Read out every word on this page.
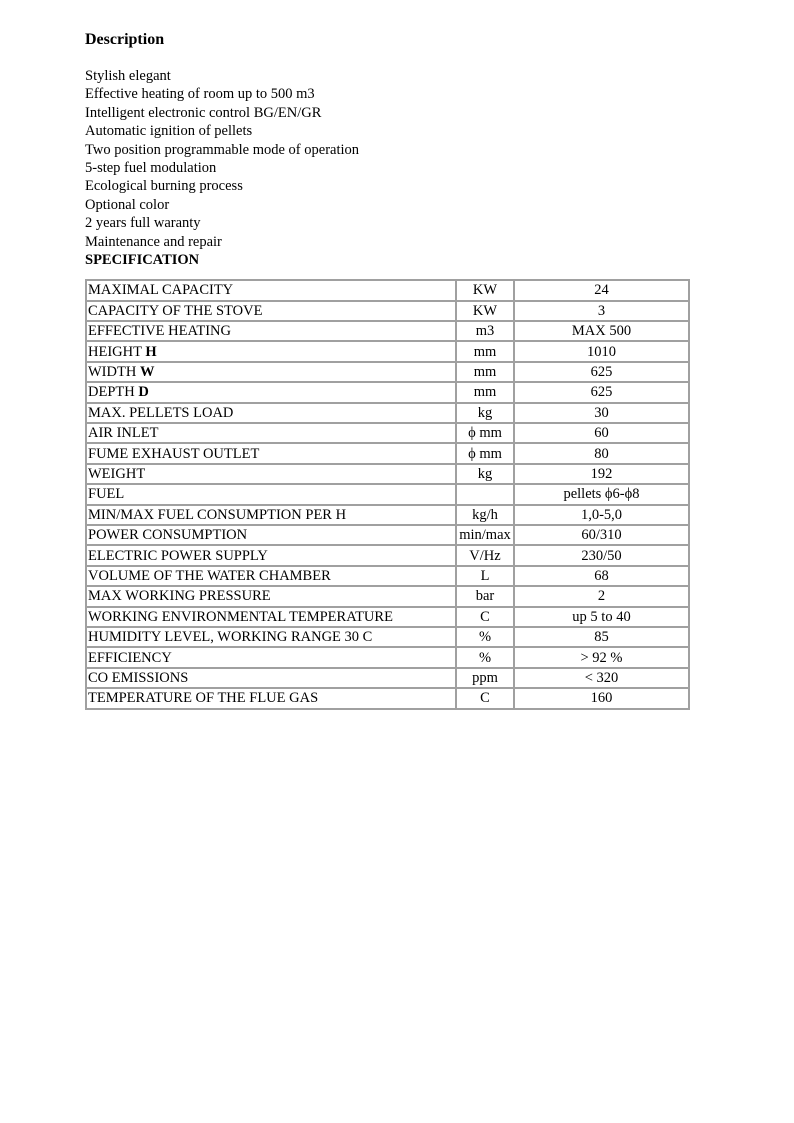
Description
Stylish elegant
Effective heating of room up to 500 m3
Intelligent electronic control BG/EN/GR
Automatic ignition of pellets
Two position programmable mode of operation
5-step fuel modulation
Ecological burning process
Optional color
2 years full waranty
Maintenance and repair
SPECIFICATION
MAXIMAL CAPACITY	KW	24
CAPACITY OF THE STOVE	KW	3
EFFECTIVE HEATING	m3	MAX 500
HEIGHT H	mm	1010
WIDTH W	mm	625
DEPTH D	mm	625
MAX. PELLETS LOAD	kg	30
AIR INLET	ϕ mm	60
FUME EXHAUST OUTLET	ϕ mm	80
WEIGHT	kg	192
FUEL		pellets ϕ6-ϕ8
MIN/MAX FUEL CONSUMPTION PER H	kg/h	1,0-5,0
POWER CONSUMPTION	min/max	60/310
ELECTRIC POWER SUPPLY	V/Hz	230/50
VOLUME OF THE WATER CHAMBER	L	68
MAX WORKING PRESSURE	bar	2
WORKING ENVIRONMENTAL TEMPERATURE	C	up 5 to 40
HUMIDITY LEVEL, WORKING RANGE 30 C	%	85
EFFICIENCY	%	> 92 %
CO EMISSIONS	ppm	< 320
TEMPERATURE OF THE FLUE GAS	C	160
